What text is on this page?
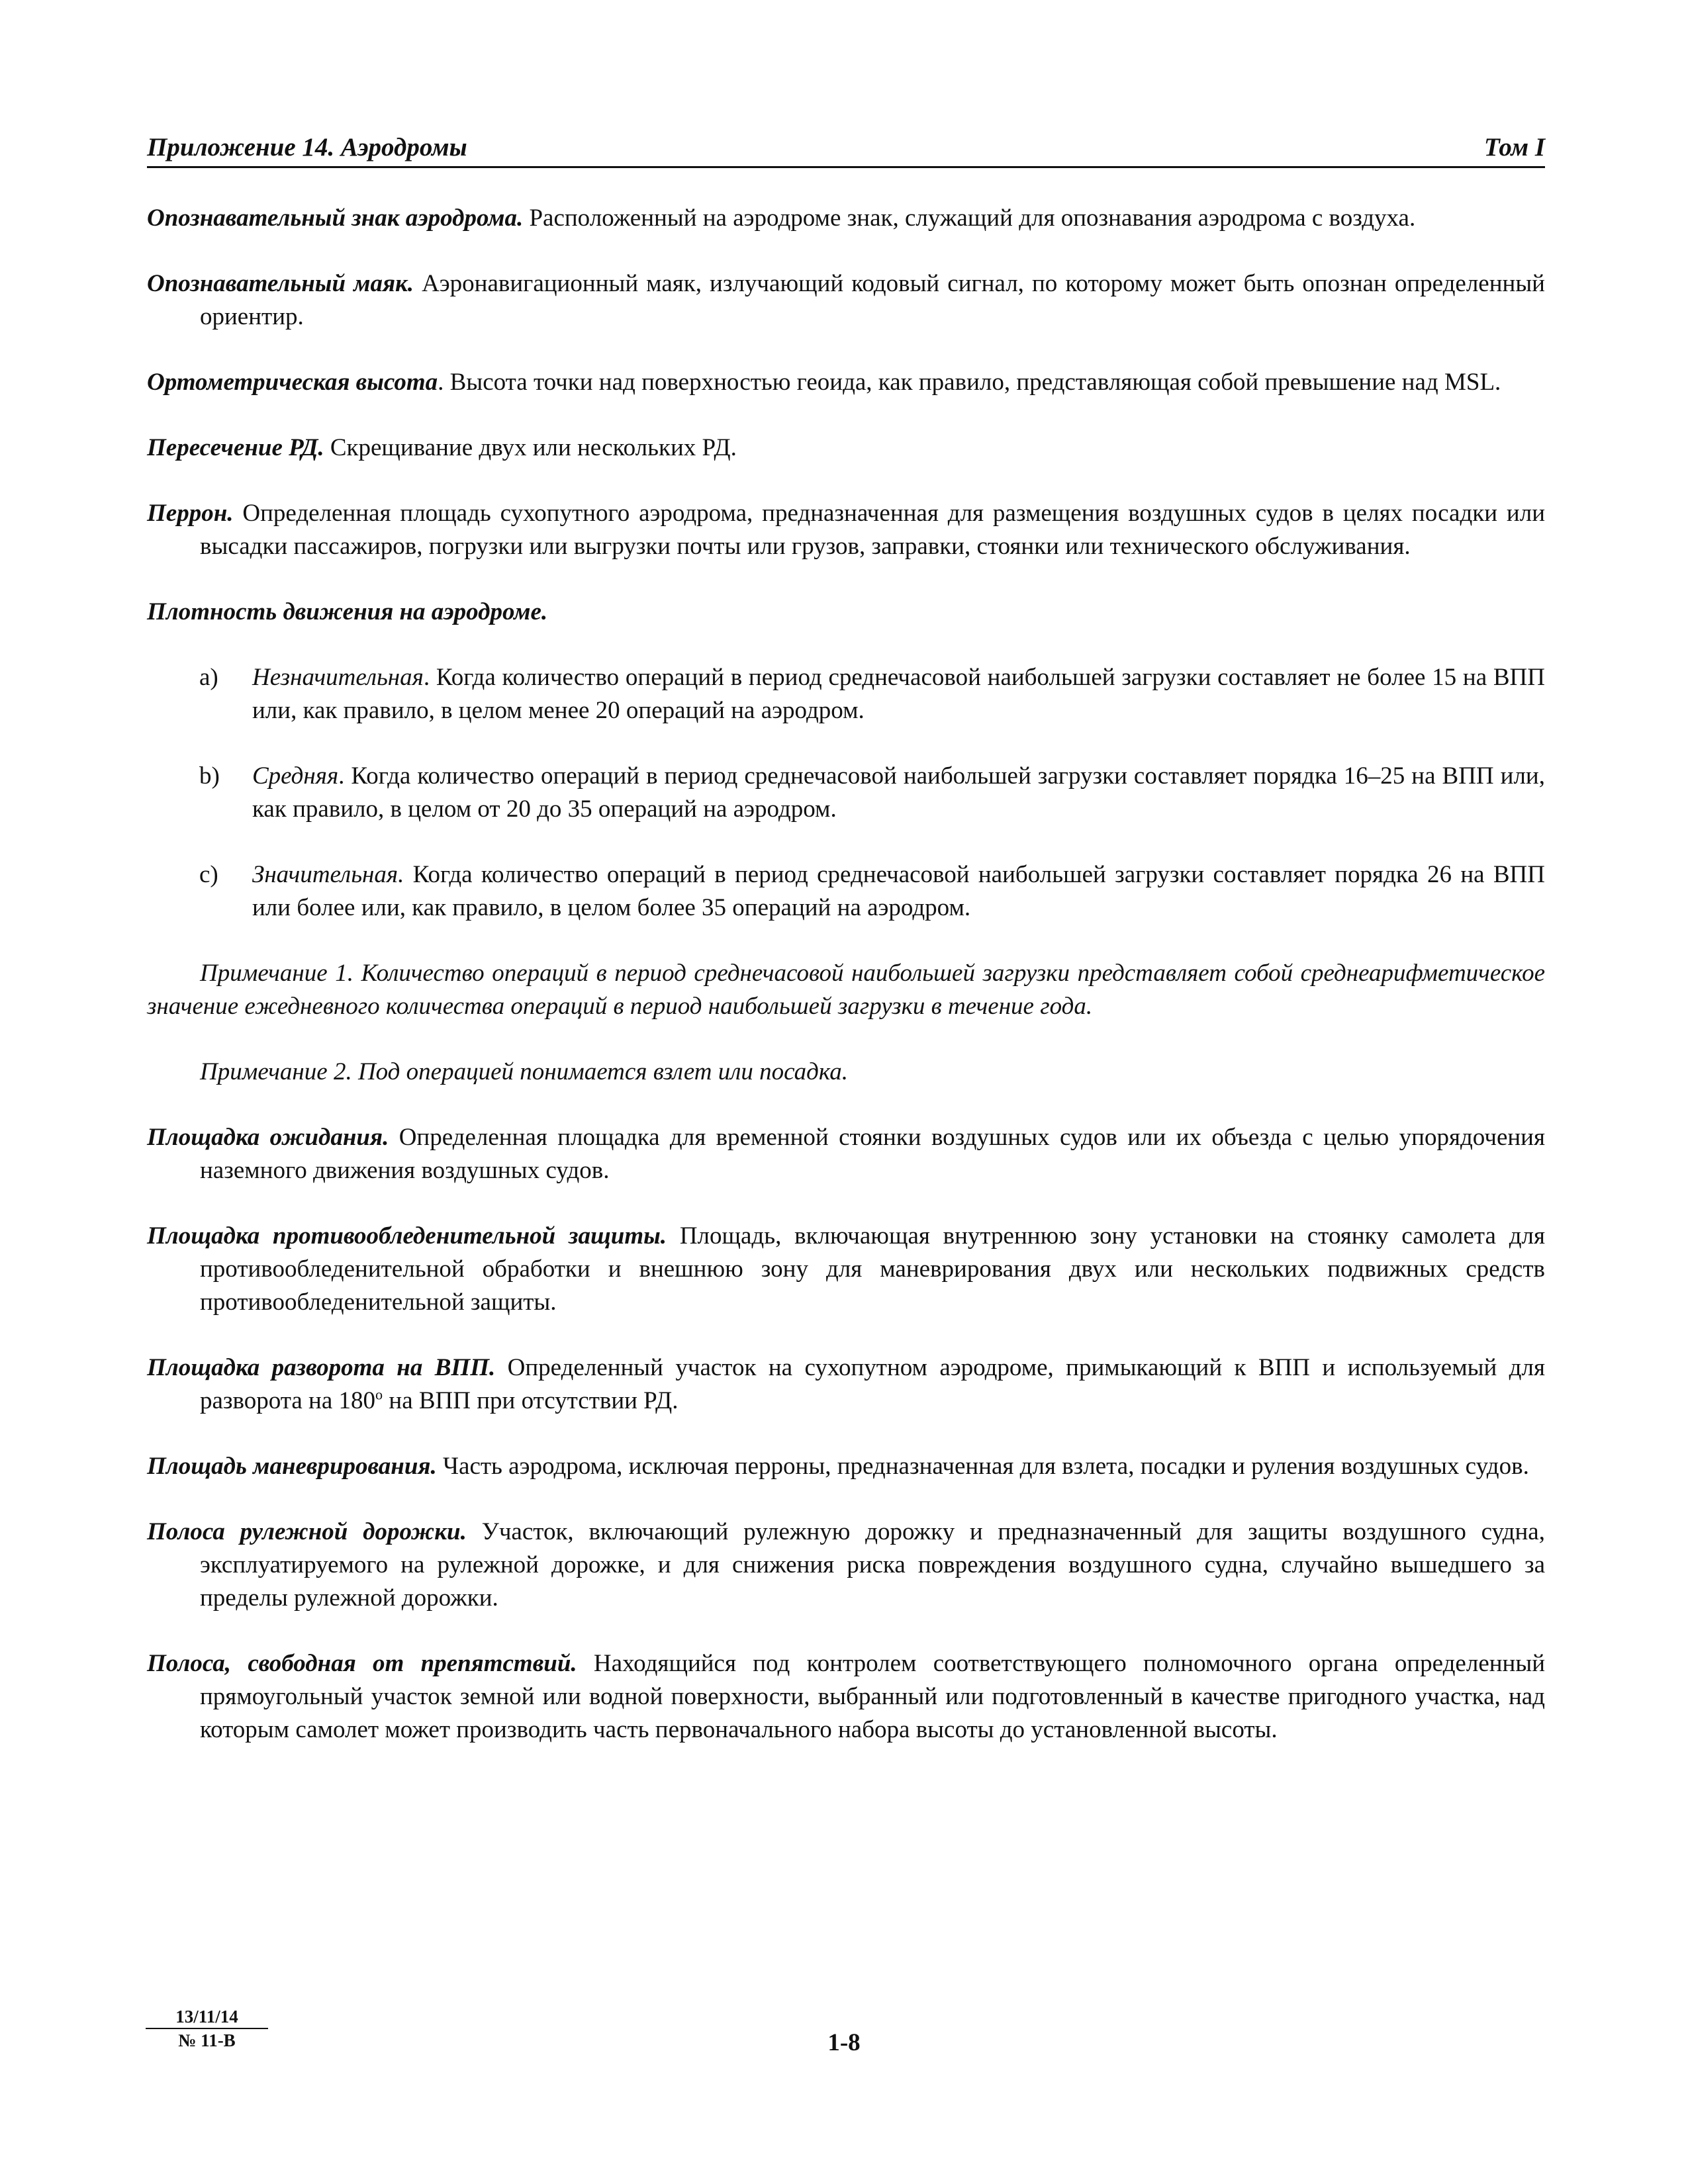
Приложение 14. Аэродромы	Том I

Опознавательный знак аэродрома. Расположенный на аэродроме знак, служащий для опознавания аэродрома с воздуха.

Опознавательный маяк. Аэронавигационный маяк, излучающий кодовый сигнал, по которому может быть опознан определенный ориентир.

Ортометрическая высота. Высота точки над поверхностью геоида, как правило, представляющая собой превышение над MSL.

Пересечение РД. Скрещивание двух или нескольких РД.

Перрон. Определенная площадь сухопутного аэродрома, предназначенная для размещения воздушных судов в целях посадки или высадки пассажиров, погрузки или выгрузки почты или грузов, заправки, стоянки или технического обслуживания.

Плотность движения на аэродроме.

a)	Незначительная. Когда количество операций в период среднечасовой наибольшей загрузки составляет не более 15 на ВПП или, как правило, в целом менее 20 операций на аэродром.
b)	Средняя. Когда количество операций в период среднечасовой наибольшей загрузки составляет порядка 16–25 на ВПП или, как правило, в целом от 20 до 35 операций на аэродром.
c)	Значительная. Когда количество операций в период среднечасовой наибольшей загрузки составляет порядка 26 на ВПП или более или, как правило, в целом более 35 операций на аэродром.

Примечание 1. Количество операций в период среднечасовой наибольшей загрузки представляет собой среднеарифметическое значение ежедневного количества операций в период наибольшей загрузки в течение года.

Примечание 2. Под операцией понимается взлет или посадка.

Площадка ожидания. Определенная площадка для временной стоянки воздушных судов или их объезда с целью упорядочения наземного движения воздушных судов.

Площадка противообледенительной защиты. Площадь, включающая внутреннюю зону установки на стоянку самолета для противообледенительной обработки и внешнюю зону для маневрирования двух или нескольких подвижных средств противообледенительной защиты.

Площадка разворота на ВПП. Определенный участок на сухопутном аэродроме, примыкающий к ВПП и используемый для разворота на 180$^o$ на ВПП при отсутствии РД.

Площадь маневрирования. Часть аэродрома, исключая перроны, предназначенная для взлета, посадки и руления воздушных судов.

Полоса рулежной дорожки. Участок, включающий рулежную дорожку и предназначенный для защиты воздушного судна, эксплуатируемого на рулежной дорожке, и для снижения риска повреждения воздушного судна, случайно вышедшего за пределы рулежной дорожки.

Полоса, свободная от препятствий. Находящийся под контролем соответствующего полномочного органа определенный прямоугольный участок земной или водной поверхности, выбранный или подготовленный в качестве пригодного участка, над которым самолет может производить часть первоначального набора высоты до установленной высоты.

13/11/14
№ 11-B	1-8
